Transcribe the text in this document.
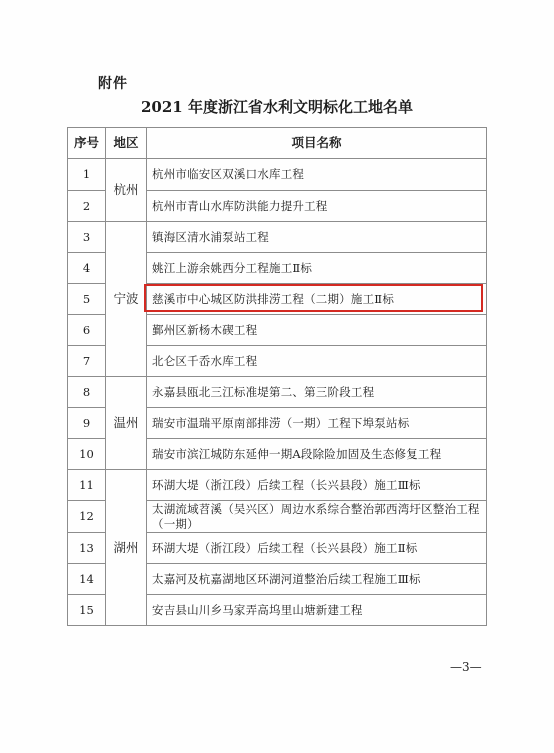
附件
2021 年度浙江省水利文明标化工地名单
序号	地区	项目名称
1	杭州	杭州市临安区双溪口水库工程
2		杭州市青山水库防洪能力提升工程
3	宁波	镇海区清水浦泵站工程
4		姚江上游余姚西分工程施工Ⅱ标
5		慈溪市中心城区防洪排涝工程（二期）施工Ⅱ标
6		鄞州区新杨木碶工程
7		北仑区千岙水库工程
8	温州	永嘉县瓯北三江标准堤第二、第三阶段工程
9		瑞安市温瑞平原南部排涝（一期）工程下埠泵站标
10		瑞安市滨江城防东延伸一期A段除险加固及生态修复工程
11	湖州	环湖大堤（浙江段）后续工程（长兴县段）施工Ⅲ标
12		太湖流域苕溪（吴兴区）周边水系综合整治郭西湾圩区整治工程（一期）
13		环湖大堤（浙江段）后续工程（长兴县段）施工Ⅱ标
14		太嘉河及杭嘉湖地区环湖河道整治后续工程施工Ⅲ标
15		安吉县山川乡马家弄高坞里山塘新建工程
—3—
